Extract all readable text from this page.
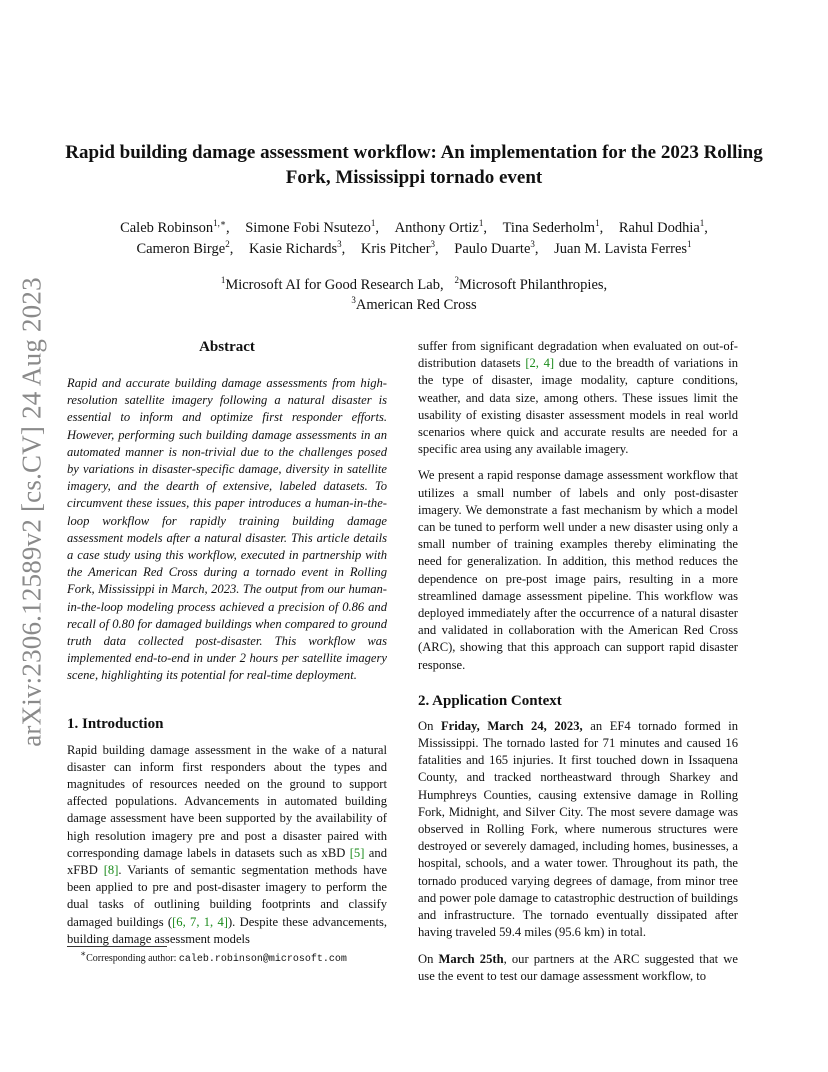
arXiv:2306.12589v2 [cs.CV] 24 Aug 2023
Rapid building damage assessment workflow: An implementation for the 2023 Rolling Fork, Mississippi tornado event
Caleb Robinson$^{1,∗}$, Simone Fobi Nsutezo$^1$, Anthony Ortiz$^1$, Tina Sederholm$^1$, Rahul Dodhia$^1$,
Cameron Birge$^2$, Kasie Richards$^3$, Kris Pitcher$^3$, Paulo Duarte$^3$, Juan M. Lavista Ferres$^1$
$^1$Microsoft AI for Good Research Lab, $^2$Microsoft Philanthropies,
$^3$American Red Cross
Abstract

Rapid and accurate building damage assessments from high-resolution satellite imagery following a natural disaster is essential to inform and optimize first responder efforts. However, performing such building damage assessments in an automated manner is non-trivial due to the challenges posed by variations in disaster-specific damage, diversity in satellite imagery, and the dearth of extensive, labeled datasets. To circumvent these issues, this paper introduces a human-in-the-loop workflow for rapidly training building damage assessment models after a natural disaster. This article details a case study using this workflow, executed in partnership with the American Red Cross during a tornado event in Rolling Fork, Mississippi in March, 2023. The output from our human-in-the-loop modeling process achieved a precision of 0.86 and recall of 0.80 for damaged buildings when compared to ground truth data collected post-disaster. This workflow was implemented end-to-end in under 2 hours per satellite imagery scene, highlighting its potential for real-time deployment.

1. Introduction

Rapid building damage assessment in the wake of a natural disaster can inform first responders about the types and magnitudes of resources needed on the ground to support affected populations. Advancements in automated building damage assessment have been supported by the availability of high resolution imagery pre and post a disaster paired with corresponding damage labels in datasets such as xBD [5] and xFBD [8]. Variants of semantic segmentation methods have been applied to pre and post-disaster imagery to perform the dual tasks of outlining building footprints and classify damaged buildings ([6, 7, 1, 4]). Despite these advancements, building damage assessment models

suffer from significant degradation when evaluated on out-of-distribution datasets [2, 4] due to the breadth of variations in the type of disaster, image modality, capture conditions, weather, and data size, among others. These issues limit the usability of existing disaster assessment models in real world scenarios where quick and accurate results are needed for a specific area using any available imagery.

We present a rapid response damage assessment workflow that utilizes a small number of labels and only post-disaster imagery. We demonstrate a fast mechanism by which a model can be tuned to perform well under a new disaster using only a small number of training examples thereby eliminating the need for generalization. In addition, this method reduces the dependence on pre-post image pairs, resulting in a more streamlined damage assessment pipeline. This workflow was deployed immediately after the occurrence of a natural disaster and validated in collaboration with the American Red Cross (ARC), showing that this approach can support rapid disaster response.

2. Application Context

On Friday, March 24, 2023, an EF4 tornado formed in Mississippi. The tornado lasted for 71 minutes and caused 16 fatalities and 165 injuries. It first touched down in Issaquena County, and tracked northeastward through Sharkey and Humphreys Counties, causing extensive damage in Rolling Fork, Midnight, and Silver City. The most severe damage was observed in Rolling Fork, where numerous structures were destroyed or severely damaged, including homes, businesses, a hospital, schools, and a water tower. Throughout its path, the tornado produced varying degrees of damage, from minor tree and power pole damage to catastrophic destruction of buildings and infrastructure. The tornado eventually dissipated after having traveled 59.4 miles (95.6 km) in total.

On March 25th, our partners at the ARC suggested that we use the event to test our damage assessment workflow, to

∗Corresponding author: caleb.robinson@microsoft.com
